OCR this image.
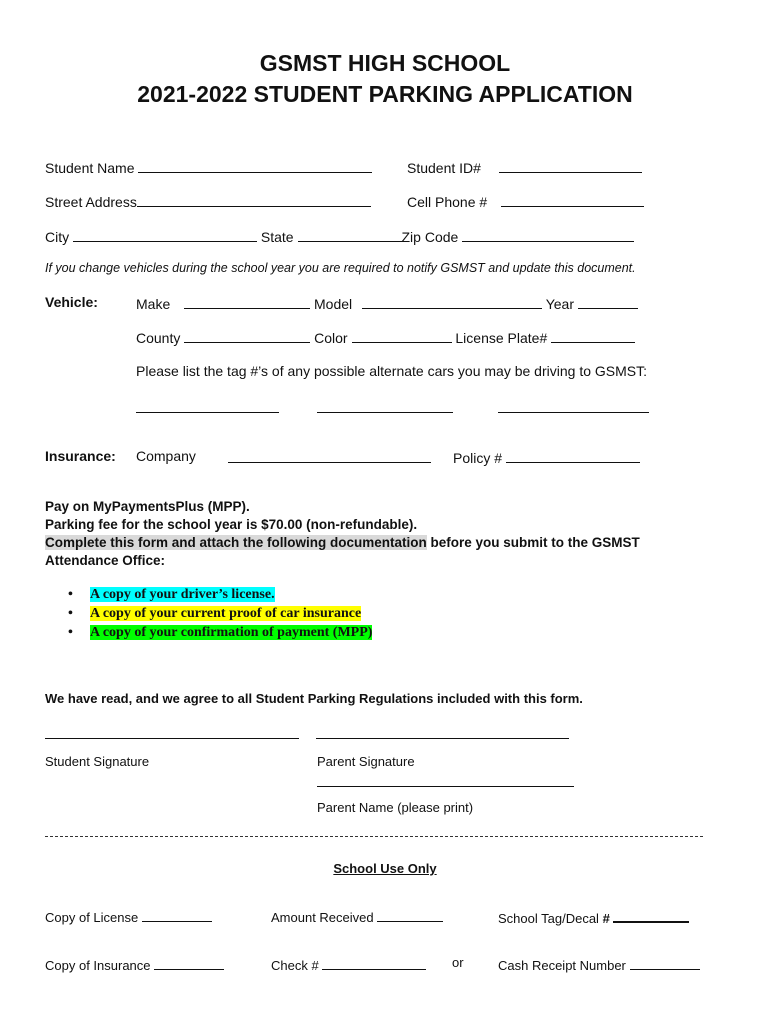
GSMST HIGH SCHOOL
2021-2022 STUDENT PARKING APPLICATION
Student Name	Student ID#
Street Address	Cell Phone #
City	State	Zip Code
If you change vehicles during the school year you are required to notify GSMST and update this document.
Vehicle:	Make	Model	Year
County	Color	License Plate#
Please list the tag #’s of any possible alternate cars you may be driving to GSMST:
Insurance: Company	Policy #
Pay on MyPaymentsPlus (MPP).
Parking fee for the school year is $70.00 (non-refundable).
Complete this form and attach the following documentation before you submit to the GSMST
Attendance Office:
• A copy of your driver’s license.
• A copy of your current proof of car insurance
• A copy of your confirmation of payment (MPP)
We have read, and we agree to all Student Parking Regulations included with this form.
Student Signature	Parent Signature
Parent Name (please print)
School Use Only
Copy of License	Amount Received	School Tag/Decal #
Copy of Insurance	Check #	or	Cash Receipt Number
